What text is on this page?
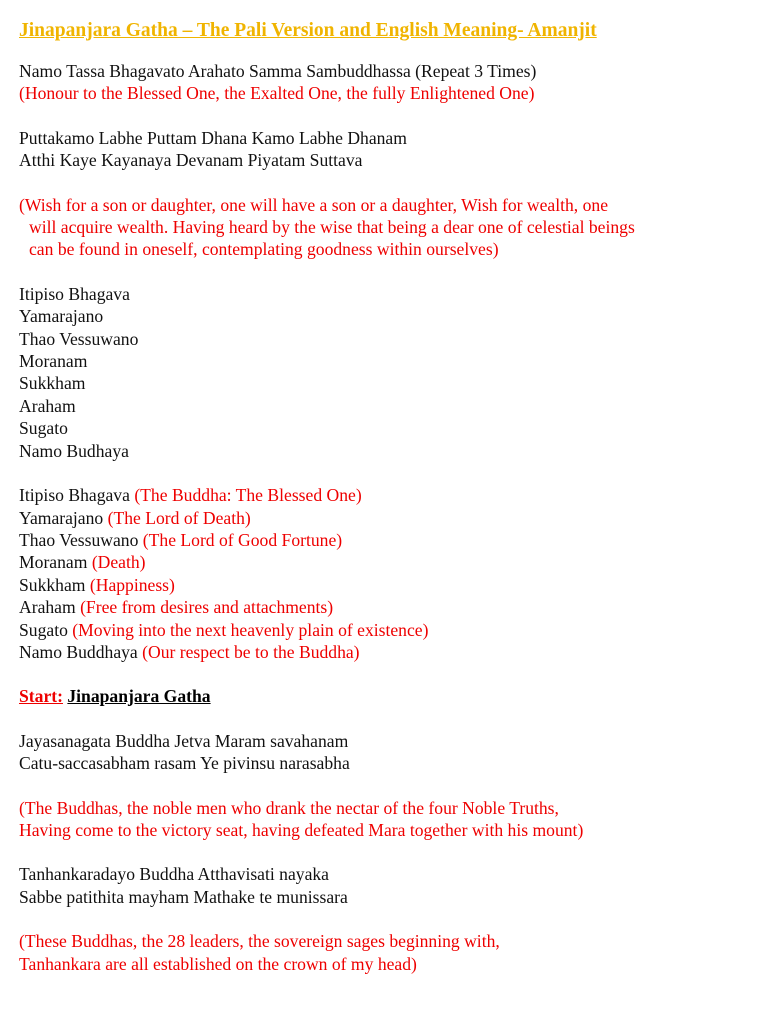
Jinapanjara Gatha – The Pali Version and English Meaning- Amanjit
Namo Tassa Bhagavato Arahato Samma Sambuddhassa (Repeat 3 Times)
(Honour to the Blessed One, the Exalted One, the fully Enlightened One)
Puttakamo Labhe Puttam Dhana Kamo Labhe Dhanam
Atthi Kaye Kayanaya Devanam Piyatam Suttava
(Wish for a son or daughter, one will have a son or a daughter, Wish for wealth, one
will acquire wealth. Having heard by the wise that being a dear one of celestial beings
can be found in oneself, contemplating goodness within ourselves)
Itipiso Bhagava
Yamarajano
Thao Vessuwano
Moranam
Sukkham
Araham
Sugato
Namo Budhaya
Itipiso Bhagava (The Buddha: The Blessed One)
Yamarajano (The Lord of Death)
Thao Vessuwano (The Lord of Good Fortune)
Moranam (Death)
Sukkham (Happiness)
Araham (Free from desires and attachments)
Sugato (Moving into the next heavenly plain of existence)
Namo Buddhaya (Our respect be to the Buddha)
Start: Jinapanjara Gatha
Jayasanagata Buddha Jetva Maram savahanam
Catu-saccasabham rasam Ye pivinsu narasabha
(The Buddhas, the noble men who drank the nectar of the four Noble Truths,
Having come to the victory seat, having defeated Mara together with his mount)
Tanhankaradayo Buddha Atthavisati nayaka
Sabbe patithita mayham Mathake te munissara
(These Buddhas, the 28 leaders, the sovereign sages beginning with,
Tanhankara are all established on the crown of my head)
